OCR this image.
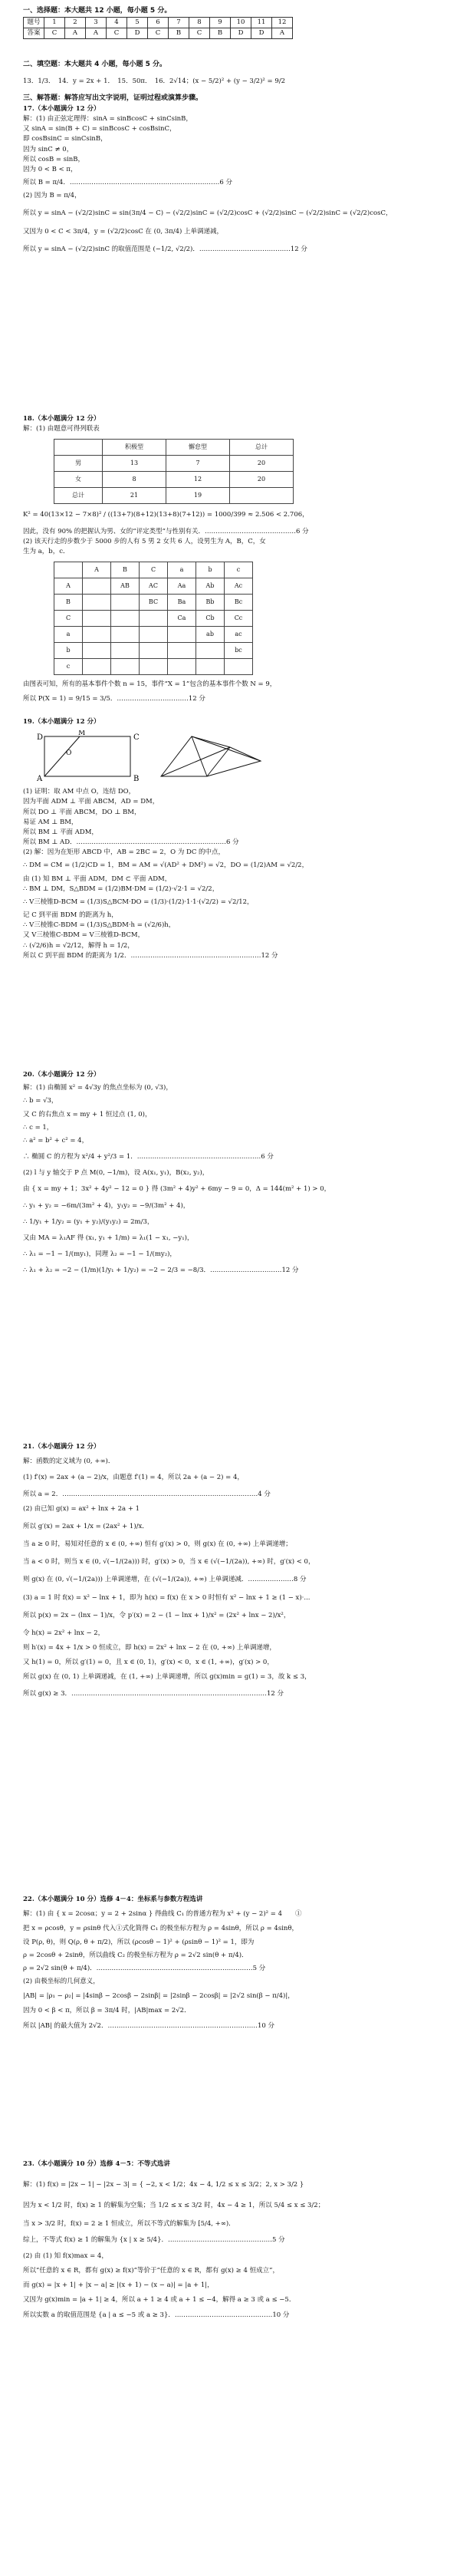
一、选择题：本大题共 12 小题，每小题 5 分。
题号	1	2	3	4	5	6	7	8	9	10	11	12
答案	C	A	A	C	D	C	B	C	B	D	D	A
二、填空题：本大题共 4 小题，每小题 5 分。
13．1/3．　14．y = 2x + 1．　15．50π．　16．2√14；(x − 5/2)² + (y − 3/2)² = 9/2
三、解答题：解答应写出文字说明，证明过程或演算步骤。
17.（本小题满分 12 分）
解：(1) 由正弦定理得：sinA = sinBcosC + sinCsinB，
又 sinA = sin(B + C) = sinBcosC + cosBsinC，
即 cosBsinC = sinCsinB，
因为 sinC ≠ 0，
所以 cosB = sinB，
因为 0 < B < π，
所以 B = π/4．……………………………………………………………6 分
(2) 因为 B = π/4，
所以 y = sinA − (√2/2)sinC = sin(3π/4 − C) − (√2/2)sinC = (√2/2)cosC + (√2/2)sinC − (√2/2)sinC = (√2/2)cosC，
又因为 0 < C < 3π/4，y = (√2/2)cosC 在 (0, 3π/4) 上单调递减，
所以 y = sinA − (√2/2)sinC 的取值范围是 (−1/2, √2/2)．……………………………………12 分
18.（本小题满分 12 分）
解：(1) 由题意可得列联表
	积极型	懈怠型	总计
男	13	7	20
女	8	12	20
总计	21	19	
K² = 40(13×12 − 7×8)² / ((13+7)(8+12)(13+8)(7+12)) = 1000/399 ≈ 2.506 < 2.706，
因此，没有 90% 的把握认为男、女的“评定类型”与性别有关．……………………………………6 分
(2) 该天行走的步数少于 5000 步的人有 5 男 2 女共 6 人，设男生为 A，B，C，女
生为 a，b，c．
	A	B	C	a	b	c
A		AB	AC	Aa	Ab	Ac
B			BC	Ba	Bb	Bc
C				Ca	Cb	Cc
a					ab	ac
b						bc
c						
由图表可知，所有的基本事件个数 n = 15，事件“X = 1”包含的基本事件个数 N = 9，
所以 P(X = 1) = 9/15 = 3/5．……………………………12 分
19.（本小题满分 12 分）
D	C
A	B
O
M
(1) 证明：取 AM 中点 O，连结 DO，
因为平面 ADM ⊥ 平面 ABCM，AD = DM，
所以 DO ⊥ 平面 ABCM，DO ⊥ BM，
易证 AM ⊥ BM，
所以 BM ⊥ 平面 ADM，
所以 BM ⊥ AD．……………………………………………………………6 分
(2) 解：因为在矩形 ABCD 中，AB = 2BC = 2，O 为 DC 的中点，
∴ DM = CM = (1/2)CD = 1，BM = AM = √(AD² + DM²) = √2，DO = (1/2)AM = √2/2，
由 (1) 知 BM ⊥ 平面 ADM，DM ⊂ 平面 ADM，
∴ BM ⊥ DM，S△BDM = (1/2)BM·DM = (1/2)·√2·1 = √2/2，
∴ V三棱锥D-BCM = (1/3)S△BCM·DO = (1/3)·(1/2)·1·1·(√2/2) = √2/12，
记 C 到平面 BDM 的距离为 h，
∴ V三棱锥C-BDM = (1/3)S△BDM·h = (√2/6)h，
又 V三棱锥C-BDM = V三棱锥D-BCM，
∴ (√2/6)h = √2/12，解得 h = 1/2，
所以 C 到平面 BDM 的距离为 1/2．……………………………………………………12 分
20.（本小题满分 12 分）
解：(1) 由椭圆 x² = 4√3y 的焦点坐标为 (0, √3)，
∴ b = √3，
又 C 的右焦点 x = my + 1 恒过点 (1, 0)，
∴ c = 1，
∴ a² = b² + c² = 4，
∴ 椭圆 C 的方程为 x²/4 + y²/3 = 1．…………………………………………………6 分
(2) l 与 y 轴交于 P 点 M(0, −1/m)，设 A(x₁, y₁)，B(x₂, y₂)，
由 { x = my + 1；3x² + 4y² − 12 = 0 } 得 (3m² + 4)y² + 6my − 9 = 0，Δ = 144(m² + 1) > 0，
∴ y₁ + y₂ = −6m/(3m² + 4)，y₁y₂ = −9/(3m² + 4)，
∴ 1/y₁ + 1/y₂ = (y₁ + y₂)/(y₁y₂) = 2m/3，
又由 MA = λ₁AF 得 (x₁, y₁ + 1/m) = λ₁(1 − x₁, −y₁)，
∴ λ₁ = −1 − 1/(my₁)，同理 λ₂ = −1 − 1/(my₂)，
∴ λ₁ + λ₂ = −2 − (1/m)(1/y₁ + 1/y₂) = −2 − 2/3 = −8/3．……………………………12 分
21.（本小题满分 12 分）
解：函数的定义域为 (0, +∞)．
(1) f′(x) = 2ax + (a − 2)/x，由题意 f′(1) = 4，所以 2a + (a − 2) = 4，
所以 a = 2．………………………………………………………………………………4 分
(2) 由已知 g(x) = ax² + lnx + 2a + 1
所以 g′(x) = 2ax + 1/x = (2ax² + 1)/x．
当 a ≥ 0 时，易知对任意的 x ∈ (0, +∞) 恒有 g′(x) > 0，则 g(x) 在 (0, +∞) 上单调递增；
当 a < 0 时，则当 x ∈ (0, √(−1/(2a))) 时，g′(x) > 0，当 x ∈ (√(−1/(2a)), +∞) 时，g′(x) < 0，
则 g(x) 在 (0, √(−1/(2a))) 上单调递增，在 (√(−1/(2a)), +∞) 上单调递减．…………………8 分
(3) a = 1 时 f(x) = x² − lnx + 1，即为 h(x) = f(x) 在 x > 0 时恒有 x² − lnx + 1 ≥ (1 − x)·...
所以 p(x) = 2x − (lnx − 1)/x，令 p′(x) = 2 − (1 − lnx + 1)/x² = (2x² + lnx − 2)/x²，
令 h(x) = 2x² + lnx − 2，
则 h′(x) = 4x + 1/x > 0 恒成立，即 h(x) = 2x² + lnx − 2 在 (0, +∞) 上单调递增，
又 h(1) = 0，所以 g′(1) = 0，且 x ∈ (0, 1)，g′(x) < 0，x ∈ (1, +∞)，g′(x) > 0，
所以 g(x) 在 (0, 1) 上单调递减，在 (1, +∞) 上单调递增，所以 g(x)min = g(1) = 3，故 k ≤ 3，
所以 g(x) ≥ 3．………………………………………………………………………………12 分
22.（本小题满分 10 分）选修 4－4：坐标系与参数方程选讲
解：(1) 由 { x = 2cosα；y = 2 + 2sinα } 得曲线 C₁ 的普通方程为 x² + (y − 2)² = 4　　①
把 x = ρcosθ，y = ρsinθ 代入①式化简得 C₁ 的极坐标方程为 ρ = 4sinθ，所以 ρ = 4sinθ，
设 P(ρ, θ)，则 Q(ρ, θ + π/2)，所以 (ρcosθ − 1)² + (ρsinθ − 1)² = 1，即为
ρ = 2cosθ + 2sinθ，所以曲线 C₂ 的极坐标方程为 ρ = 2√2 sin(θ + π/4)．
ρ = 2√2 sin(θ + π/4)．………………………………………………………………5 分
(2) 由极坐标的几何意义，
|AB| = |ρ₁ − ρ₂| = |4sinβ − 2cosβ − 2sinβ| = |2sinβ − 2cosβ| = |2√2 sin(β − π/4)|，
因为 0 < β < π，所以 β = 3π/4 时，|AB|max = 2√2．
所以 |AB| 的最大值为 2√2．……………………………………………………………10 分
23.（本小题满分 10 分）选修 4－5：不等式选讲
解：(1) f(x) = |2x − 1| − |2x − 3| = { −2, x < 1/2；4x − 4, 1/2 ≤ x ≤ 3/2；2, x > 3/2 }
因为 x < 1/2 时，f(x) ≥ 1 的解集为空集；当 1/2 ≤ x ≤ 3/2 时，4x − 4 ≥ 1，所以 5/4 ≤ x ≤ 3/2；
当 x > 3/2 时，f(x) = 2 ≥ 1 恒成立，所以不等式的解集为 [5/4, +∞)．
综上，不等式 f(x) ≥ 1 的解集为 {x | x ≥ 5/4}．…………………………………………5 分
(2) 由 (1) 知 f(x)max = 4，
所以“任意的 x ∈ R，都有 g(x) ≥ f(x)”等价于“任意的 x ∈ R，都有 g(x) ≥ 4 恒成立”，
而 g(x) = |x + 1| + |x − a| ≥ |(x + 1) − (x − a)| = |a + 1|，
又因为 g(x)min = |a + 1| ≥ 4，所以 a + 1 ≥ 4 或 a + 1 ≤ −4，解得 a ≥ 3 或 a ≤ −5．
所以实数 a 的取值范围是 {a | a ≤ −5 或 a ≥ 3}．………………………………………10 分
